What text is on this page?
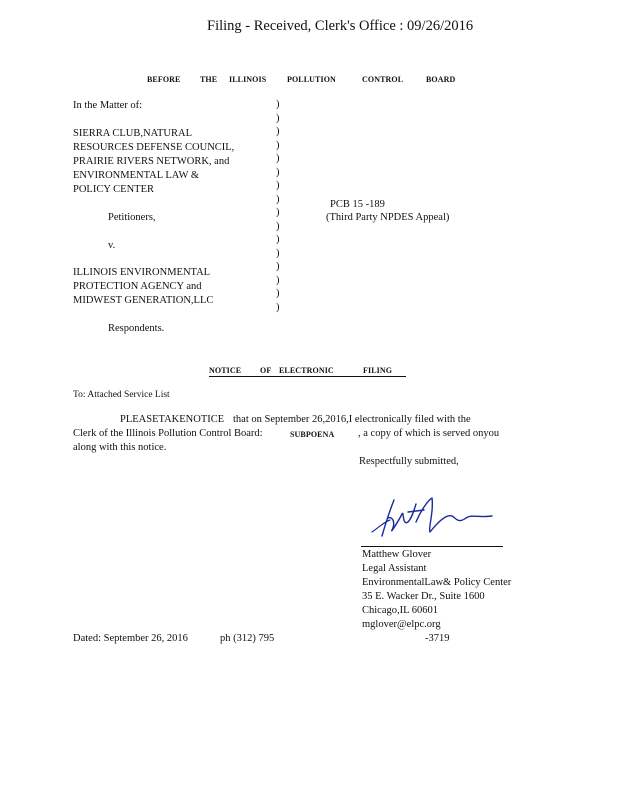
Filing - Received, Clerk's Office : 09/26/2016
BEFORE THE ILLINOIS	POLLUTION	CONTROL	BOARD
In the Matter of:
SIERRA CLUB,NATURAL
RESOURCES DEFENSE COUNCIL,
PRAIRIE RIVERS NETWORK, and
ENVIRONMENTAL LAW &
POLICY CENTER
Petitioners,
v.
ILLINOIS ENVIRONMENTAL
PROTECTION AGENCY and
MIDWEST GENERATION,LLC
Respondents.
)
)
)
)
)
)
)
)
)
)
)
)
)
)
)
)
PCB 15 -189
(Third Party NPDES Appeal)
NOTICE OF ELECTRONIC	FILING
To: Attached Service List
PLEASETAKENOTICE that on September 26,2016,I electronically filed with the
Clerk of the Illinois Pollution Control Board:	SUBPOENA , a copy of which is served onyou
along with this notice.
Respectfully submitted,
Matthew Glover
Legal Assistant
EnvironmentalLaw& Policy Center
35 E. Wacker Dr., Suite 1600
Chicago,IL 60601
mglover@elpc.org
-3719
Dated: September 26, 2016	ph (312) 795
